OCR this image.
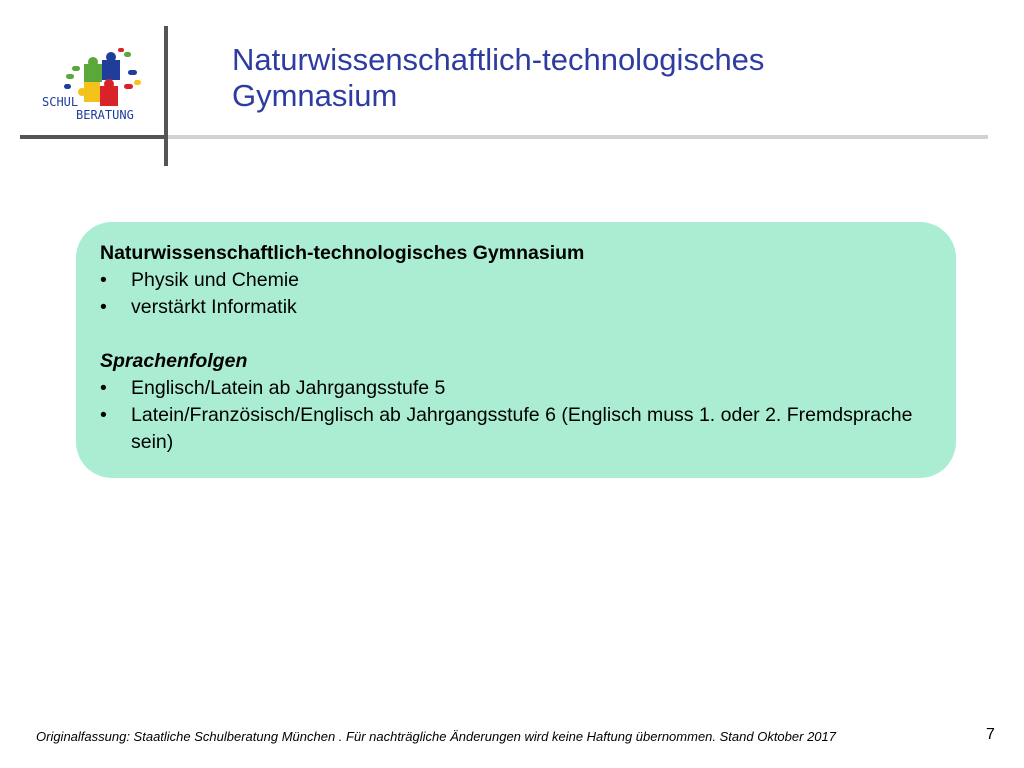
SCHUL
BERATUNG
Naturwissenschaftlich-technologisches
Gymnasium
Naturwissenschaftlich-technologisches Gymnasium
•	Physik und Chemie
•	verstärkt Informatik
Sprachenfolgen
•	Englisch/Latein ab Jahrgangsstufe 5
•	Latein/Französisch/Englisch ab Jahrgangsstufe 6 (Englisch muss 1. oder 2. Fremdsprache sein)
Originalfassung: Staatliche Schulberatung München . Für nachträgliche Änderungen wird keine Haftung übernommen. Stand Oktober 2017	7
